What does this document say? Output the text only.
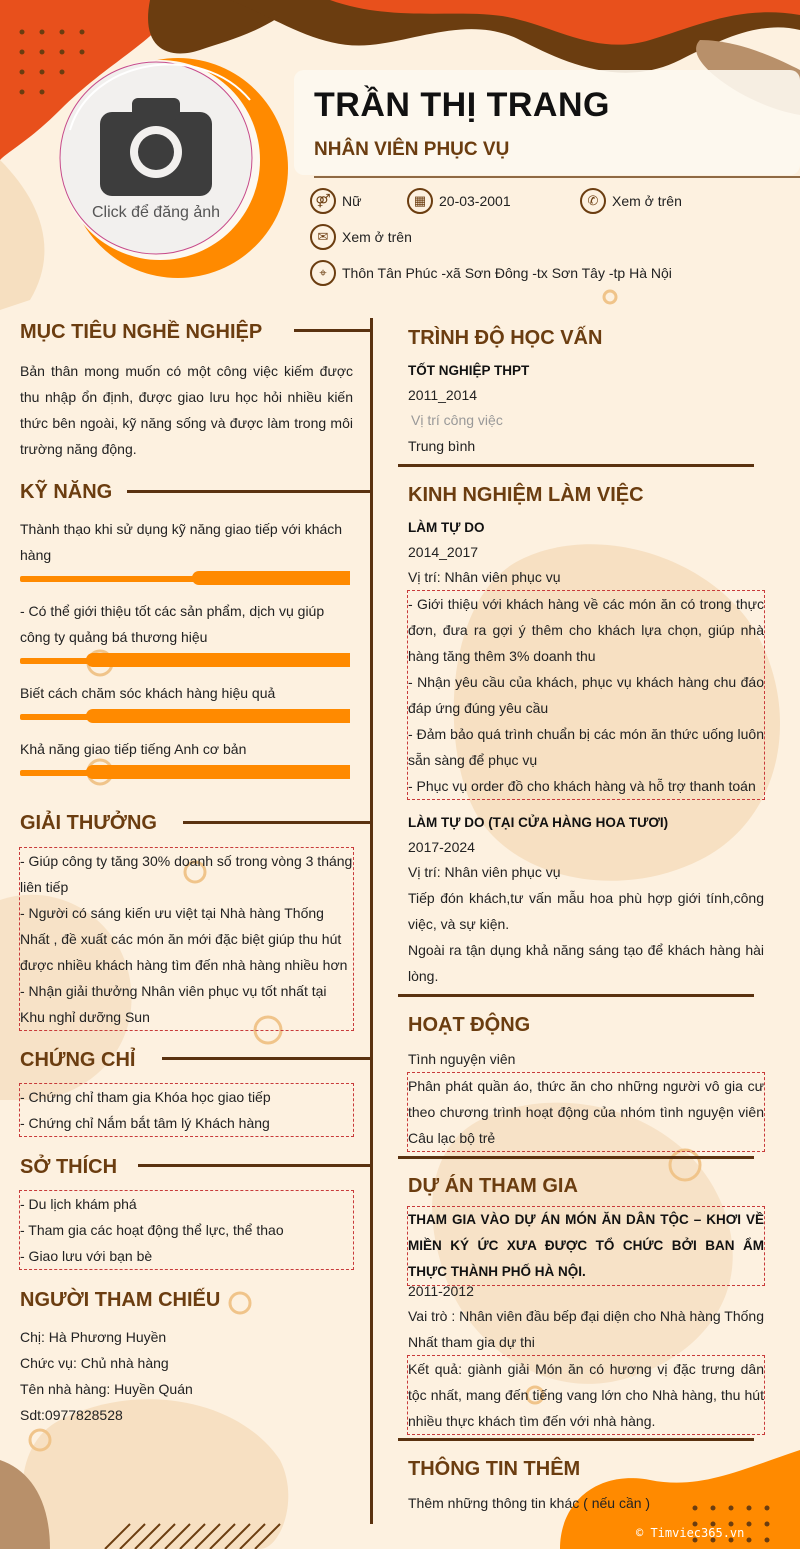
Click để đăng ảnh
TRẦN THỊ TRANG
NHÂN VIÊN PHỤC VỤ
⚤ Nữ	▦ 20-03-2001	✆ Xem ở trên
✉ Xem ở trên
⌖	Thôn Tân Phúc -xã Sơn Đông -tx Sơn Tây -tp Hà Nội
MỤC TIÊU NGHỀ NGHIỆP
Bản thân mong muốn có một công việc kiếm được thu nhập ổn định, được giao lưu học hỏi nhiều kiến thức bên ngoài, kỹ năng sống và được làm trong môi trường năng động.
KỸ NĂNG
Thành thạo khi sử dụng kỹ năng giao tiếp với khách hàng
- Có thể giới thiệu tốt các sản phẩm, dịch vụ giúp công ty quảng bá thương hiệu
Biết cách chăm sóc khách hàng hiệu quả
Khả năng giao tiếp tiếng Anh cơ bản
GIẢI THƯỞNG
- Giúp công ty tăng 30% doanh số trong vòng 3 tháng liên tiếp
- Người có sáng kiến ưu việt tại Nhà hàng Thống Nhất , đề xuất các món ăn mới đặc biệt giúp thu hút được nhiều khách hàng tìm đến nhà hàng nhiều hơn
- Nhận giải thưởng Nhân viên phục vụ tốt nhất tại Khu nghỉ dưỡng Sun
CHỨNG CHỈ
- Chứng chỉ tham gia Khóa học giao tiếp
- Chứng chỉ Nắm bắt tâm lý Khách hàng
SỞ THÍCH
- Du lịch khám phá
- Tham gia các hoạt động thể lực, thể thao
- Giao lưu với bạn bè
NGƯỜI THAM CHIẾU
Chị: Hà Phương Huyền
Chức vụ: Chủ nhà hàng
Tên nhà hàng: Huyền Quán
Sdt:0977828528
TRÌNH ĐỘ HỌC VẤN
TỐT NGHIỆP THPT
2011_2014
Vị trí công việc
Trung bình
KINH NGHIỆM LÀM VIỆC
LÀM TỰ DO
2014_2017
Vị trí: Nhân viên phục vụ
- Giới thiệu với khách hàng về các món ăn có trong thực đơn, đưa ra gợi ý thêm cho khách lựa chọn, giúp nhà hàng tăng thêm 3% doanh thu
- Nhận yêu cầu của khách, phục vụ khách hàng chu đáo đáp ứng đúng yêu cầu
- Đảm bảo quá trình chuẩn bị các món ăn thức uống luôn sẵn sàng để phục vụ
- Phục vụ order đồ cho khách hàng và hỗ trợ thanh toán
LÀM TỰ DO (TẠI CỬA HÀNG HOA TƯƠI)
2017-2024
Vị trí: Nhân viên phục vụ
Tiếp đón khách,tư vấn mẫu hoa phù hợp giới tính,công việc, và sự kiện.
Ngoài ra tận dụng khả năng sáng tạo để khách hàng hài lòng.
HOẠT ĐỘNG
Tình nguyện viên
Phân phát quần áo, thức ăn cho những người vô gia cư theo chương trình hoạt động của nhóm tình nguyện viên Câu lạc bộ trẻ
DỰ ÁN THAM GIA
THAM GIA VÀO DỰ ÁN MÓN ĂN DÂN TỘC – KHƠI VỀ MIỀN KÝ ỨC XƯA ĐƯỢC TỔ CHỨC BỞI BAN ẨM THỰC THÀNH PHỐ HÀ NỘI.
2011-2012
Vai trò : Nhân viên đầu bếp đại diện cho Nhà hàng Thống Nhất tham gia dự thi
Kết quả: giành giải Món ăn có hương vị đặc trưng dân tộc nhất, mang đến tiếng vang lớn cho Nhà hàng, thu hút nhiều thực khách tìm đến với nhà hàng.
THÔNG TIN THÊM
Thêm những thông tin khác ( nếu cần )
© Timviec365.vn
